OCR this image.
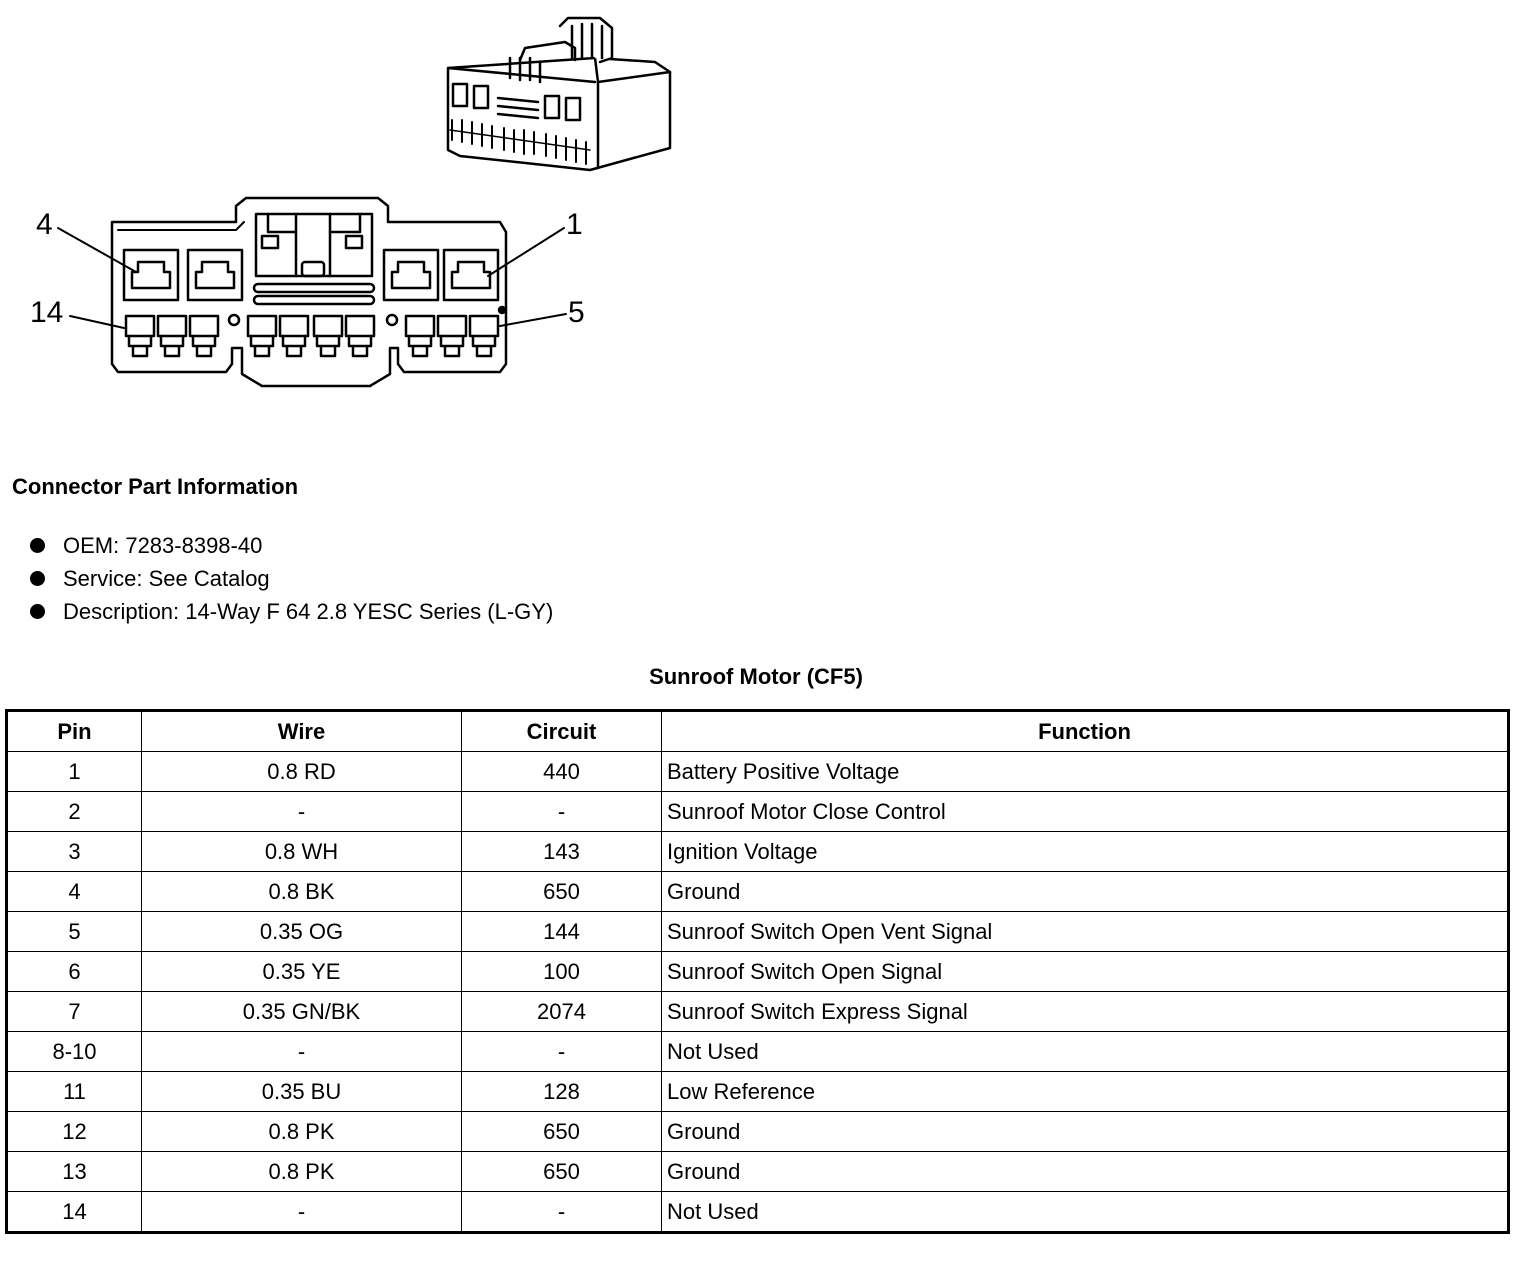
4	1
14	5
Connector Part Information
OEM: 7283-8398-40
Service: See Catalog
Description: 14-Way F 64 2.8 YESC Series (L-GY)
Sunroof Motor (CF5)
Pin	Wire	Circuit	Function
1	0.8 RD	440	Battery Positive Voltage
2	-	-	Sunroof Motor Close Control
3	0.8 WH	143	Ignition Voltage
4	0.8 BK	650	Ground
5	0.35 OG	144	Sunroof Switch Open Vent Signal
6	0.35 YE	100	Sunroof Switch Open Signal
7	0.35 GN/BK	2074	Sunroof Switch Express Signal
8-10	-	-	Not Used
11	0.35 BU	128	Low Reference
12	0.8 PK	650	Ground
13	0.8 PK	650	Ground
14	-	-	Not Used
